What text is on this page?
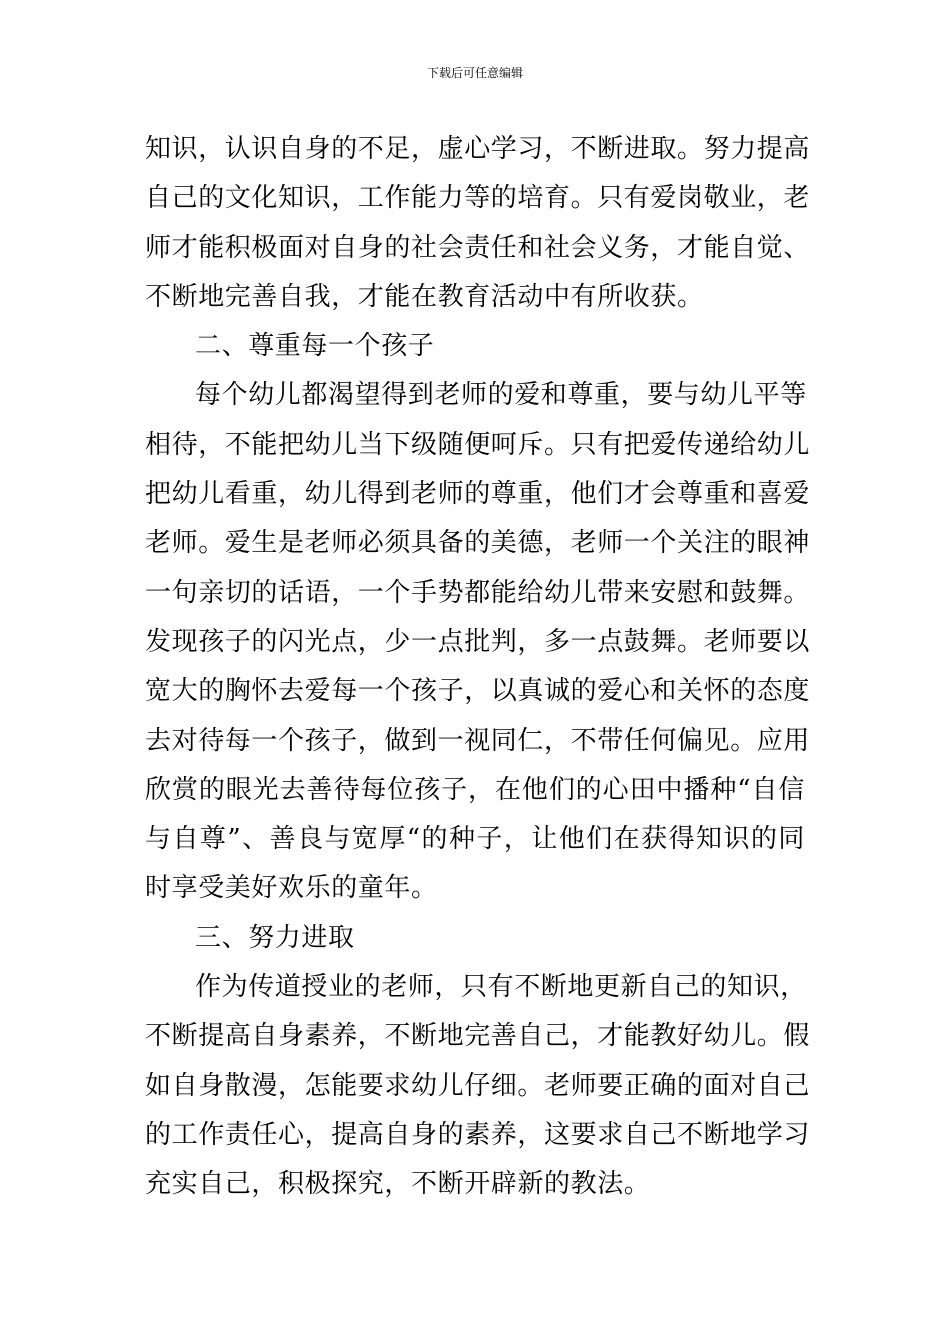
下载后可任意编辑
知识，认识自身的不足，虚心学习，不断进取。努力提高
自己的文化知识，工作能力等的培育。只有爱岗敬业，老
师才能积极面对自身的社会责任和社会义务，才能自觉、
不断地完善自我，才能在教育活动中有所收获。
二、尊重每一个孩子
每个幼儿都渴望得到老师的爱和尊重，要与幼儿平等
相待，不能把幼儿当下级随便呵斥。只有把爱传递给幼儿
把幼儿看重，幼儿得到老师的尊重，他们才会尊重和喜爱
老师。爱生是老师必须具备的美德，老师一个关注的眼神
一句亲切的话语，一个手势都能给幼儿带来安慰和鼓舞。
发现孩子的闪光点，少一点批判，多一点鼓舞。老师要以
宽大的胸怀去爱每一个孩子，以真诚的爱心和关怀的态度
去对待每一个孩子，做到一视同仁，不带任何偏见。应用
欣赏的眼光去善待每位孩子，在他们的心田中播种“自信
与自尊”、善良与宽厚“的种子，让他们在获得知识的同
时享受美好欢乐的童年。
三、努力进取
作为传道授业的老师，只有不断地更新自己的知识，
不断提高自身素养，不断地完善自己，才能教好幼儿。假
如自身散漫，怎能要求幼儿仔细。老师要正确的面对自己
的工作责任心，提高自身的素养，这要求自己不断地学习
充实自己，积极探究，不断开辟新的教法。
